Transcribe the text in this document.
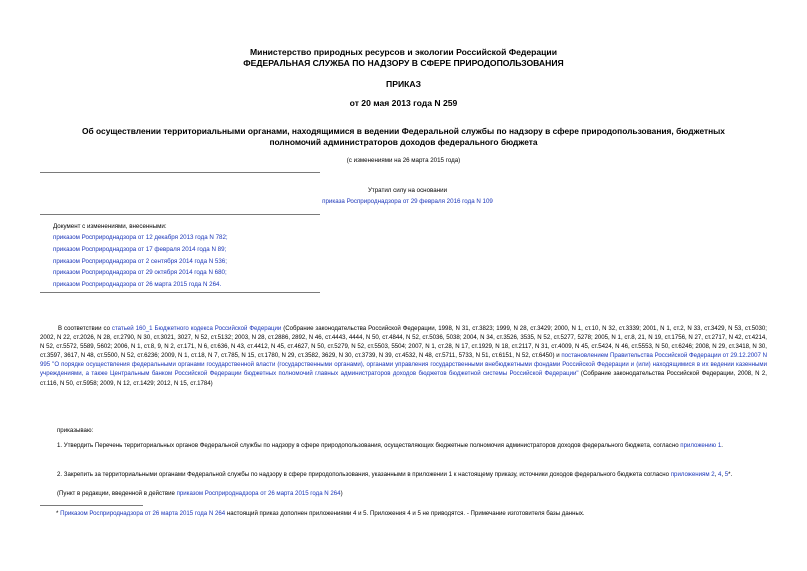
Министерство природных ресурсов и экологии Российской Федерации
ФЕДЕРАЛЬНАЯ СЛУЖБА ПО НАДЗОРУ В СФЕРЕ ПРИРОДОПОЛЬЗОВАНИЯ
ПРИКАЗ
от 20 мая 2013 года N 259
Об осуществлении территориальными органами, находящимися в ведении Федеральной службы по надзору в сфере природопользования, бюджетных
полномочий администраторов доходов федерального бюджета
(с изменениями на 26 марта 2015 года)
Утратил силу на основании
приказа Росприроднадзора от 29 февраля 2016 года N 109
Документ с изменениями, внесенными:
приказом Росприроднадзора от 12 декабря 2013 года N 782;
приказом Росприроднадзора от 17 февраля 2014 года N 89;
приказом Росприроднадзора от 2 сентября 2014 года N 536;
приказом Росприроднадзора от 29 октября 2014 года N 680;
приказом Росприроднадзора от 26 марта 2015 года N 264.
В соответствии со статьей 160_1 Бюджетного кодекса Российской Федерации (Собрание законодательства Российской Федерации, 1998, N 31, ст.3823; 1999, N 28, ст.3429; 2000, N 1, ст.10, N 32, ст.3339; 2001, N 1, ст.2, N 33, ст.3429, N 53, ст.5030; 2002, N 22, ст.2026, N 28, ст.2790, N 30, ст.3021, 3027, N 52, ст.5132; 2003, N 28, ст.2886, 2892, N 46, ст.4443, 4444, N 50, ст.4844, N 52, ст.5036, 5038; 2004, N 34, ст.3526, 3535, N 52, ст.5277, 5278; 2005, N 1, ст.8, 21, N 19, ст.1756, N 27, ст.2717, N 42, ст.4214, N 52, ст.5572, 5589, 5602; 2006, N 1, ст.8, 9, N 2, ст.171, N 6, ст.636, N 43, ст.4412, N 45, ст.4627, N 50, ст.5279, N 52, ст.5503, 5504; 2007, N 1, ст.28, N 17, ст.1929, N 18, ст.2117, N 31, ст.4009, N 45, ст.5424, N 46, ст.5553, N 50, ст.6246; 2008, N 29, ст.3418, N 30, ст.3597, 3617, N 48, ст.5500, N 52, ст.6236; 2009, N 1, ст.18, N 7, ст.785, N 15, ст.1780, N 29, ст.3582, 3629, N 30, ст.3739, N 39, ст.4532, N 48, ст.5711, 5733, N 51, ст.6151, N 52, ст.6450) и постановлением Правительства Российской Федерации от 29.12.2007 N 995 "О порядке осуществления федеральными органами государственной власти (государственными органами), органами управления государственными внебюджетными фондами Российской Федерации и (или) находящимися в их ведении казенными учреждениями, а также Центральным банком Российской Федерации бюджетных полномочий главных администраторов доходов бюджетов бюджетной системы Российской Федерации" (Собрание законодательства Российской Федерации, 2008, N 2, ст.116, N 50, ст.5958; 2009, N 12, ст.1429; 2012, N 15, ст.1784)
приказываю:
1. Утвердить Перечень территориальных органов Федеральной службы по надзору в сфере природопользования, осуществляющих бюджетные полномочия администраторов доходов федерального бюджета, согласно приложению 1.
2. Закрепить за территориальными органами Федеральной службы по надзору в сфере природопользования, указанными в приложении 1 к настоящему приказу, источники доходов федерального бюджета согласно приложениям 2, 4, 5*.
(Пункт в редакции, введенной в действие приказом Росприроднадзора от 26 марта 2015 года N 264)
* Приказом Росприроднадзора от 26 марта 2015 года N 264 настоящий приказ дополнен приложениями 4 и 5. Приложения 4 и 5 не приводятся. - Примечание изготовителя базы данных.
